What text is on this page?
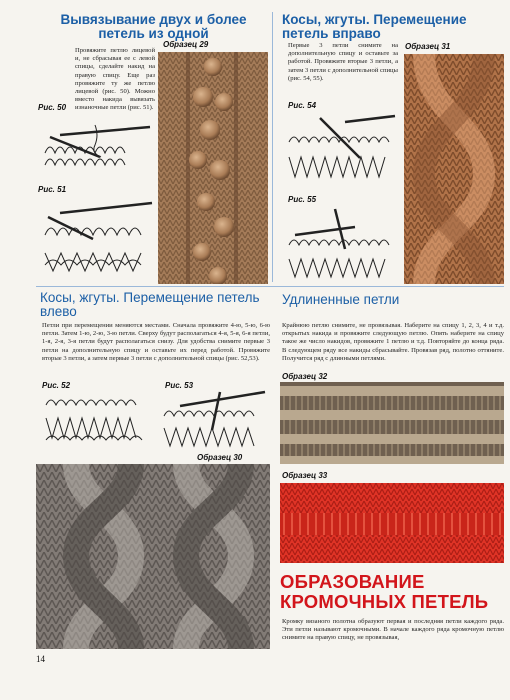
Вывязывание двух и более петель из одной
Провяжите петлю лицевой и, не сбрасывая ее с левой спицы, сделайте накид на правую спицу. Еще раз провяжите ту же петлю лицевой (рис. 50). Можно вместо накида вывязать изнаночные петли (рис. 51).
Образец 29
Рис. 50
Рис. 51
Косы, жгуты. Перемещение петель вправо
Первые 3 петли снимите на дополнительную спицу и оставьте за работой. Провяжите вторые 3 петли, а затем 3 петли с дополнительной спицы (рис. 54, 55).
Образец 31
Рис. 54
Рис. 55
Косы, жгуты. Перемещение петель влево
Петли при перемещении меняются местами. Сначала провяжите 4-ю, 5-ю, 6-ю петли. Затем 1-ю, 2-ю, 3-ю петли. Сверху будут располагаться 4-я, 5-я, 6-я петли, 1-я, 2-я, 3-я петли будут располагаться снизу. Для удобства снимите первые 3 петли на дополнительную спицу и оставьте их перед работой. Провяжите вторые 3 петли, а затем первые 3 петли с дополнительной спицы (рис. 52,53).
Рис. 52	Рис. 53
Образец 30
Удлиненные петли
Крайнюю петлю снимите, не провязывая. Наберите на спицу 1, 2, 3, 4 и т.д. открытых накида и провяжите следующую петлю. Опять наберите на спицу такое же число накидов, провяжите 1 петлю и т.д. Повторяйте до конца ряда. В следующем ряду все накиды сбрасывайте. Провязав ряд, полотно оттяните. Получится ряд с длинными петлями.
Образец 32
Образец 33
ОБРАЗОВАНИЕ
КРОМОЧНЫХ ПЕТЕЛЬ
Кромку вязаного полотна образуют первая и последняя петли каждого ряда. Эти петли называют кромочными. В начале каждого ряда кромочную петлю снимите на правую спицу, не провязывая,
14
